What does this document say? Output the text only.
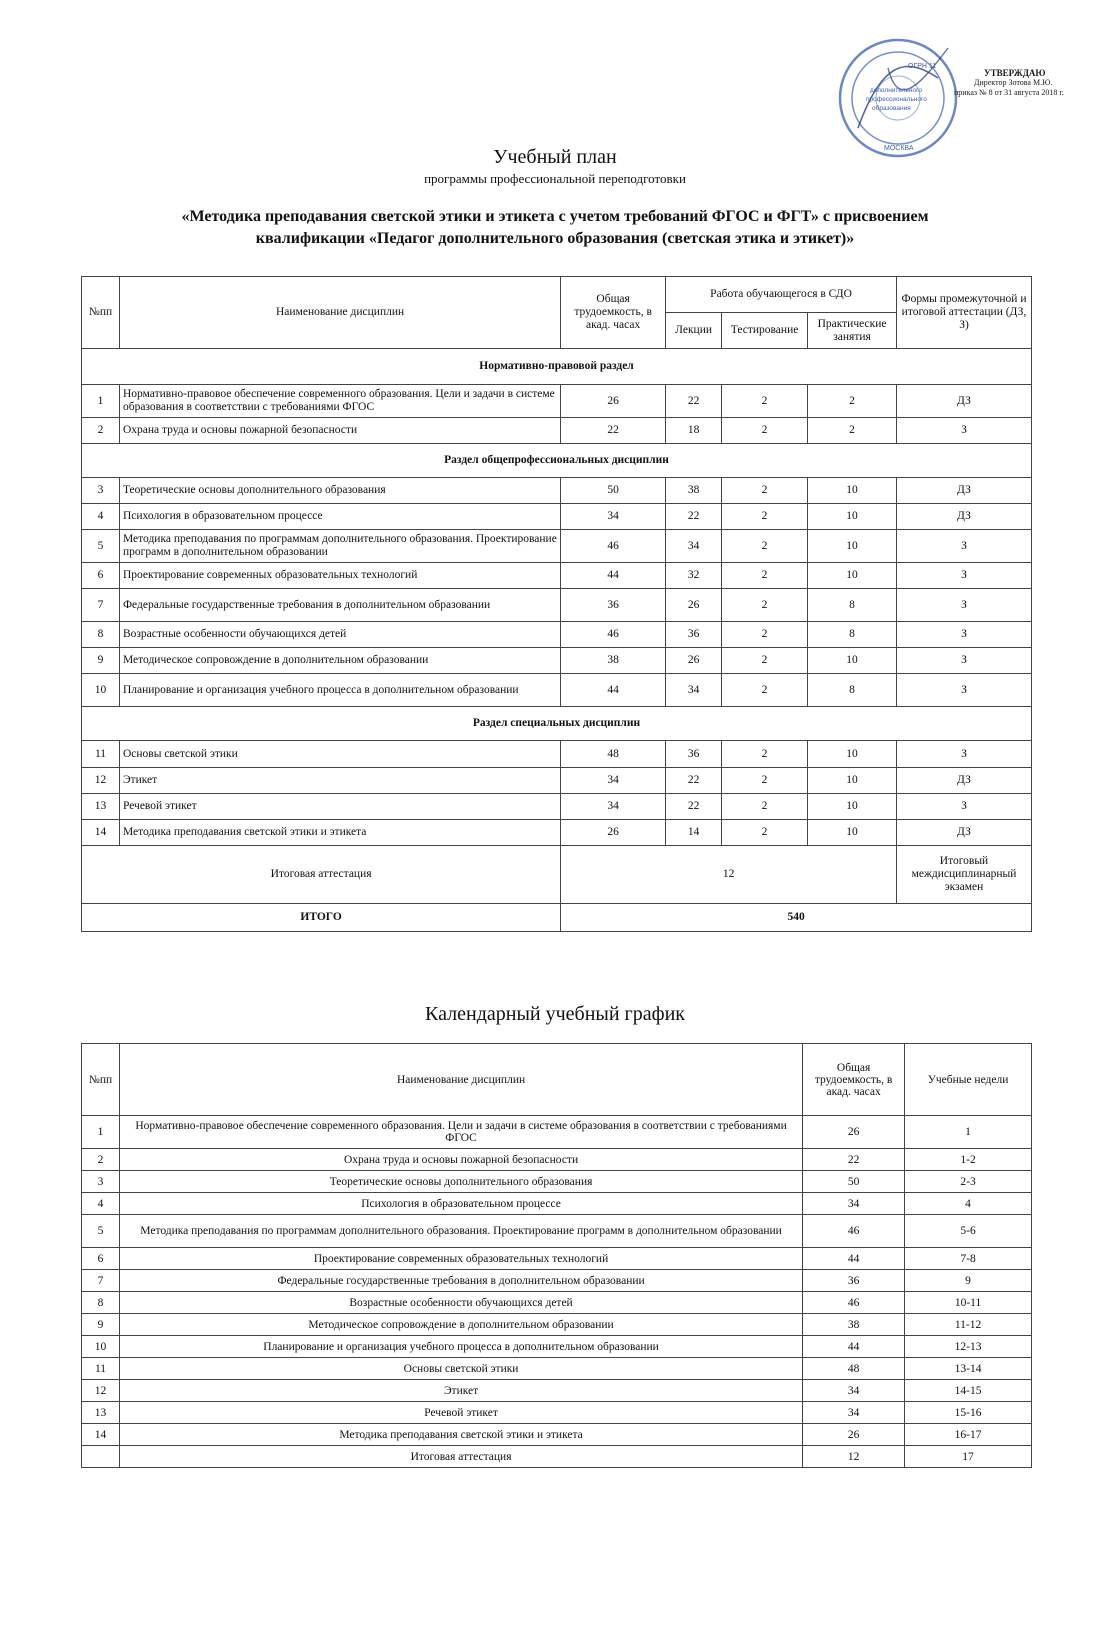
ОГРН 11
МОСКВА
дополнительного
профессионального
образования
УТВЕРЖДАЮ
Директор Зотова М.Ю.
приказ № 8 от 31 августа 2018 г.
Учебный план
программы профессиональной переподготовки
«Методика преподавания светской этики и этикета с учетом требований ФГОС и ФГТ» с присвоением
квалификации «Педагог дополнительного образования (светская этика и этикет)»
№пп	Наименование дисциплин	Общая трудоемкость, в акад. часах	Работа обучающегося в СДО			Формы промежуточной и итоговой аттестации (ДЗ, З)
			Лекции	Тестирование	Практические занятия	
Нормативно-правовой раздел						
1	Нормативно-правовое обеспечение современного образования. Цели и задачи в системе образования в соответствии с требованиями ФГОС	26	22	2	2	ДЗ
2	Охрана труда и основы пожарной безопасности	22	18	2	2	З
Раздел общепрофессиональных дисциплин						
3	Теоретические основы дополнительного образования	50	38	2	10	ДЗ
4	Психология в образовательном процессе	34	22	2	10	ДЗ
5	Методика преподавания по программам дополнительного образования. Проектирование программ в дополнительном образовании	46	34	2	10	З
6	Проектирование современных образовательных технологий	44	32	2	10	З
7	Федеральные государственные требования в дополнительном образовании	36	26	2	8	З
8	Возрастные особенности обучающихся детей	46	36	2	8	З
9	Методическое сопровождение в дополнительном образовании	38	26	2	10	З
10	Планирование и организация учебного процесса в дополнительном образовании	44	34	2	8	З
Раздел специальных дисциплин						
11	Основы светской этики	48	36	2	10	З
12	Этикет	34	22	2	10	ДЗ
13	Речевой этикет	34	22	2	10	З
14	Методика преподавания светской этики и этикета	26	14	2	10	ДЗ
Итоговая аттестация		12				Итоговый междисциплинарный экзамен
ИТОГО		540				
Календарный учебный график
№пп	Наименование дисциплин	Общая трудоемкость, в акад. часах	Учебные недели
1	Нормативно-правовое обеспечение современного образования. Цели и задачи в системе образования в соответствии с требованиями ФГОС	26	1
2	Охрана труда и основы пожарной безопасности	22	1-2
3	Теоретические основы дополнительного образования	50	2-3
4	Психология в образовательном процессе	34	4
5	Методика преподавания по программам дополнительного образования. Проектирование программ в дополнительном образовании	46	5-6
6	Проектирование современных образовательных технологий	44	7-8
7	Федеральные государственные требования в дополнительном образовании	36	9
8	Возрастные особенности обучающихся детей	46	10-11
9	Методическое сопровождение в дополнительном образовании	38	11-12
10	Планирование и организация учебного процесса в дополнительном образовании	44	12-13
11	Основы светской этики	48	13-14
12	Этикет	34	14-15
13	Речевой этикет	34	15-16
14	Методика преподавания светской этики и этикета	26	16-17
	Итоговая аттестация	12	17
